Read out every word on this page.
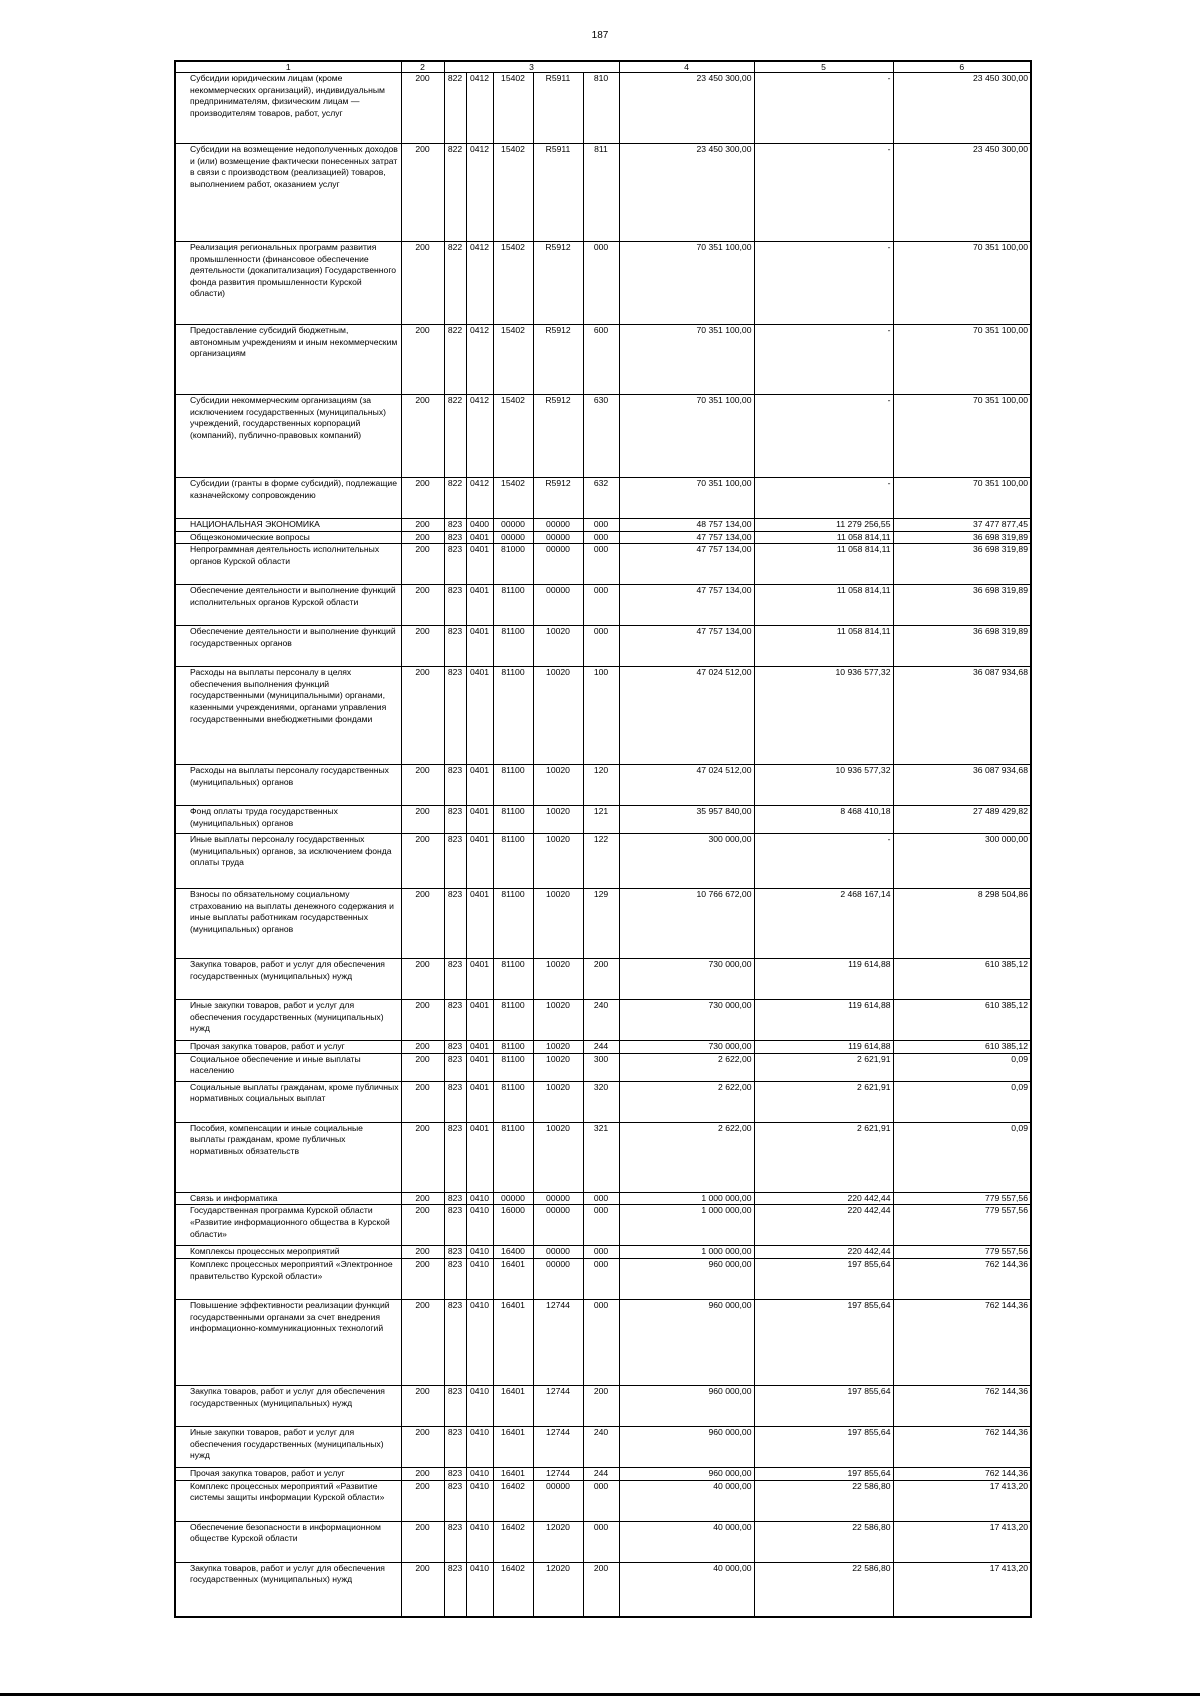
187
1	2	3					4	5	6
Субсидии юридическим лицам (кроме некоммерческих организаций), индивидуальным предпринимателям, физическим лицам — производителям товаров, работ, услуг	200	822	0412	15402	R5911	810	23 450 300,00	-	23 450 300,00
Субсидии на возмещение недополученных доходов и (или) возмещение фактически понесенных затрат в связи с производством (реализацией) товаров, выполнением работ, оказанием услуг	200	822	0412	15402	R5911	811	23 450 300,00	-	23 450 300,00
Реализация региональных программ развития промышленности (финансовое обеспечение деятельности (докапитализация) Государственного фонда развития промышленности Курской области)	200	822	0412	15402	R5912	000	70 351 100,00	-	70 351 100,00
Предоставление субсидий бюджетным, автономным учреждениям и иным некоммерческим организациям	200	822	0412	15402	R5912	600	70 351 100,00	-	70 351 100,00
Субсидии некоммерческим организациям (за исключением государственных (муниципальных) учреждений, государственных корпораций (компаний), публично-правовых компаний)	200	822	0412	15402	R5912	630	70 351 100,00	-	70 351 100,00
Субсидии (гранты в форме субсидий), подлежащие казначейскому сопровождению	200	822	0412	15402	R5912	632	70 351 100,00	-	70 351 100,00
НАЦИОНАЛЬНАЯ ЭКОНОМИКА	200	823	0400	00000	00000	000	48 757 134,00	11 279 256,55	37 477 877,45
Общеэкономические вопросы	200	823	0401	00000	00000	000	47 757 134,00	11 058 814,11	36 698 319,89
Непрограммная деятельность исполнительных органов Курской области	200	823	0401	81000	00000	000	47 757 134,00	11 058 814,11	36 698 319,89
Обеспечение деятельности и выполнение функций исполнительных органов Курской области	200	823	0401	81100	00000	000	47 757 134,00	11 058 814,11	36 698 319,89
Обеспечение деятельности и выполнение функций государственных органов	200	823	0401	81100	10020	000	47 757 134,00	11 058 814,11	36 698 319,89
Расходы на выплаты персоналу в целях обеспечения выполнения функций государственными (муниципальными) органами, казенными учреждениями, органами управления государственными внебюджетными фондами	200	823	0401	81100	10020	100	47 024 512,00	10 936 577,32	36 087 934,68
Расходы на выплаты персоналу государственных (муниципальных) органов	200	823	0401	81100	10020	120	47 024 512,00	10 936 577,32	36 087 934,68
Фонд оплаты труда государственных (муниципальных) органов	200	823	0401	81100	10020	121	35 957 840,00	8 468 410,18	27 489 429,82
Иные выплаты персоналу государственных (муниципальных) органов, за исключением фонда оплаты труда	200	823	0401	81100	10020	122	300 000,00	-	300 000,00
Взносы по обязательному социальному страхованию на выплаты денежного содержания и иные выплаты работникам государственных (муниципальных) органов	200	823	0401	81100	10020	129	10 766 672,00	2 468 167,14	8 298 504,86
Закупка товаров, работ и услуг для обеспечения государственных (муниципальных) нужд	200	823	0401	81100	10020	200	730 000,00	119 614,88	610 385,12
Иные закупки товаров, работ и услуг для обеспечения государственных (муниципальных) нужд	200	823	0401	81100	10020	240	730 000,00	119 614,88	610 385,12
Прочая закупка товаров, работ и услуг	200	823	0401	81100	10020	244	730 000,00	119 614,88	610 385,12
Социальное обеспечение и иные выплаты населению	200	823	0401	81100	10020	300	2 622,00	2 621,91	0,09
Социальные выплаты гражданам, кроме публичных нормативных социальных выплат	200	823	0401	81100	10020	320	2 622,00	2 621,91	0,09
Пособия, компенсации и иные социальные выплаты гражданам, кроме публичных нормативных обязательств	200	823	0401	81100	10020	321	2 622,00	2 621,91	0,09
Связь и информатика	200	823	0410	00000	00000	000	1 000 000,00	220 442,44	779 557,56
Государственная программа Курской области «Развитие информационного общества в Курской области»	200	823	0410	16000	00000	000	1 000 000,00	220 442,44	779 557,56
Комплексы процессных мероприятий	200	823	0410	16400	00000	000	1 000 000,00	220 442,44	779 557,56
Комплекс процессных мероприятий «Электронное правительство Курской области»	200	823	0410	16401	00000	000	960 000,00	197 855,64	762 144,36
Повышение эффективности реализации функций государственными органами за счет внедрения информационно-коммуникационных технологий	200	823	0410	16401	12744	000	960 000,00	197 855,64	762 144,36
Закупка товаров, работ и услуг для обеспечения государственных (муниципальных) нужд	200	823	0410	16401	12744	200	960 000,00	197 855,64	762 144,36
Иные закупки товаров, работ и услуг для обеспечения государственных (муниципальных) нужд	200	823	0410	16401	12744	240	960 000,00	197 855,64	762 144,36
Прочая закупка товаров, работ и услуг	200	823	0410	16401	12744	244	960 000,00	197 855,64	762 144,36
Комплекс процессных мероприятий «Развитие системы защиты информации Курской области»	200	823	0410	16402	00000	000	40 000,00	22 586,80	17 413,20
Обеспечение безопасности в информационном обществе Курской области	200	823	0410	16402	12020	000	40 000,00	22 586,80	17 413,20
Закупка товаров, работ и услуг для обеспечения государственных (муниципальных) нужд	200	823	0410	16402	12020	200	40 000,00	22 586,80	17 413,20
